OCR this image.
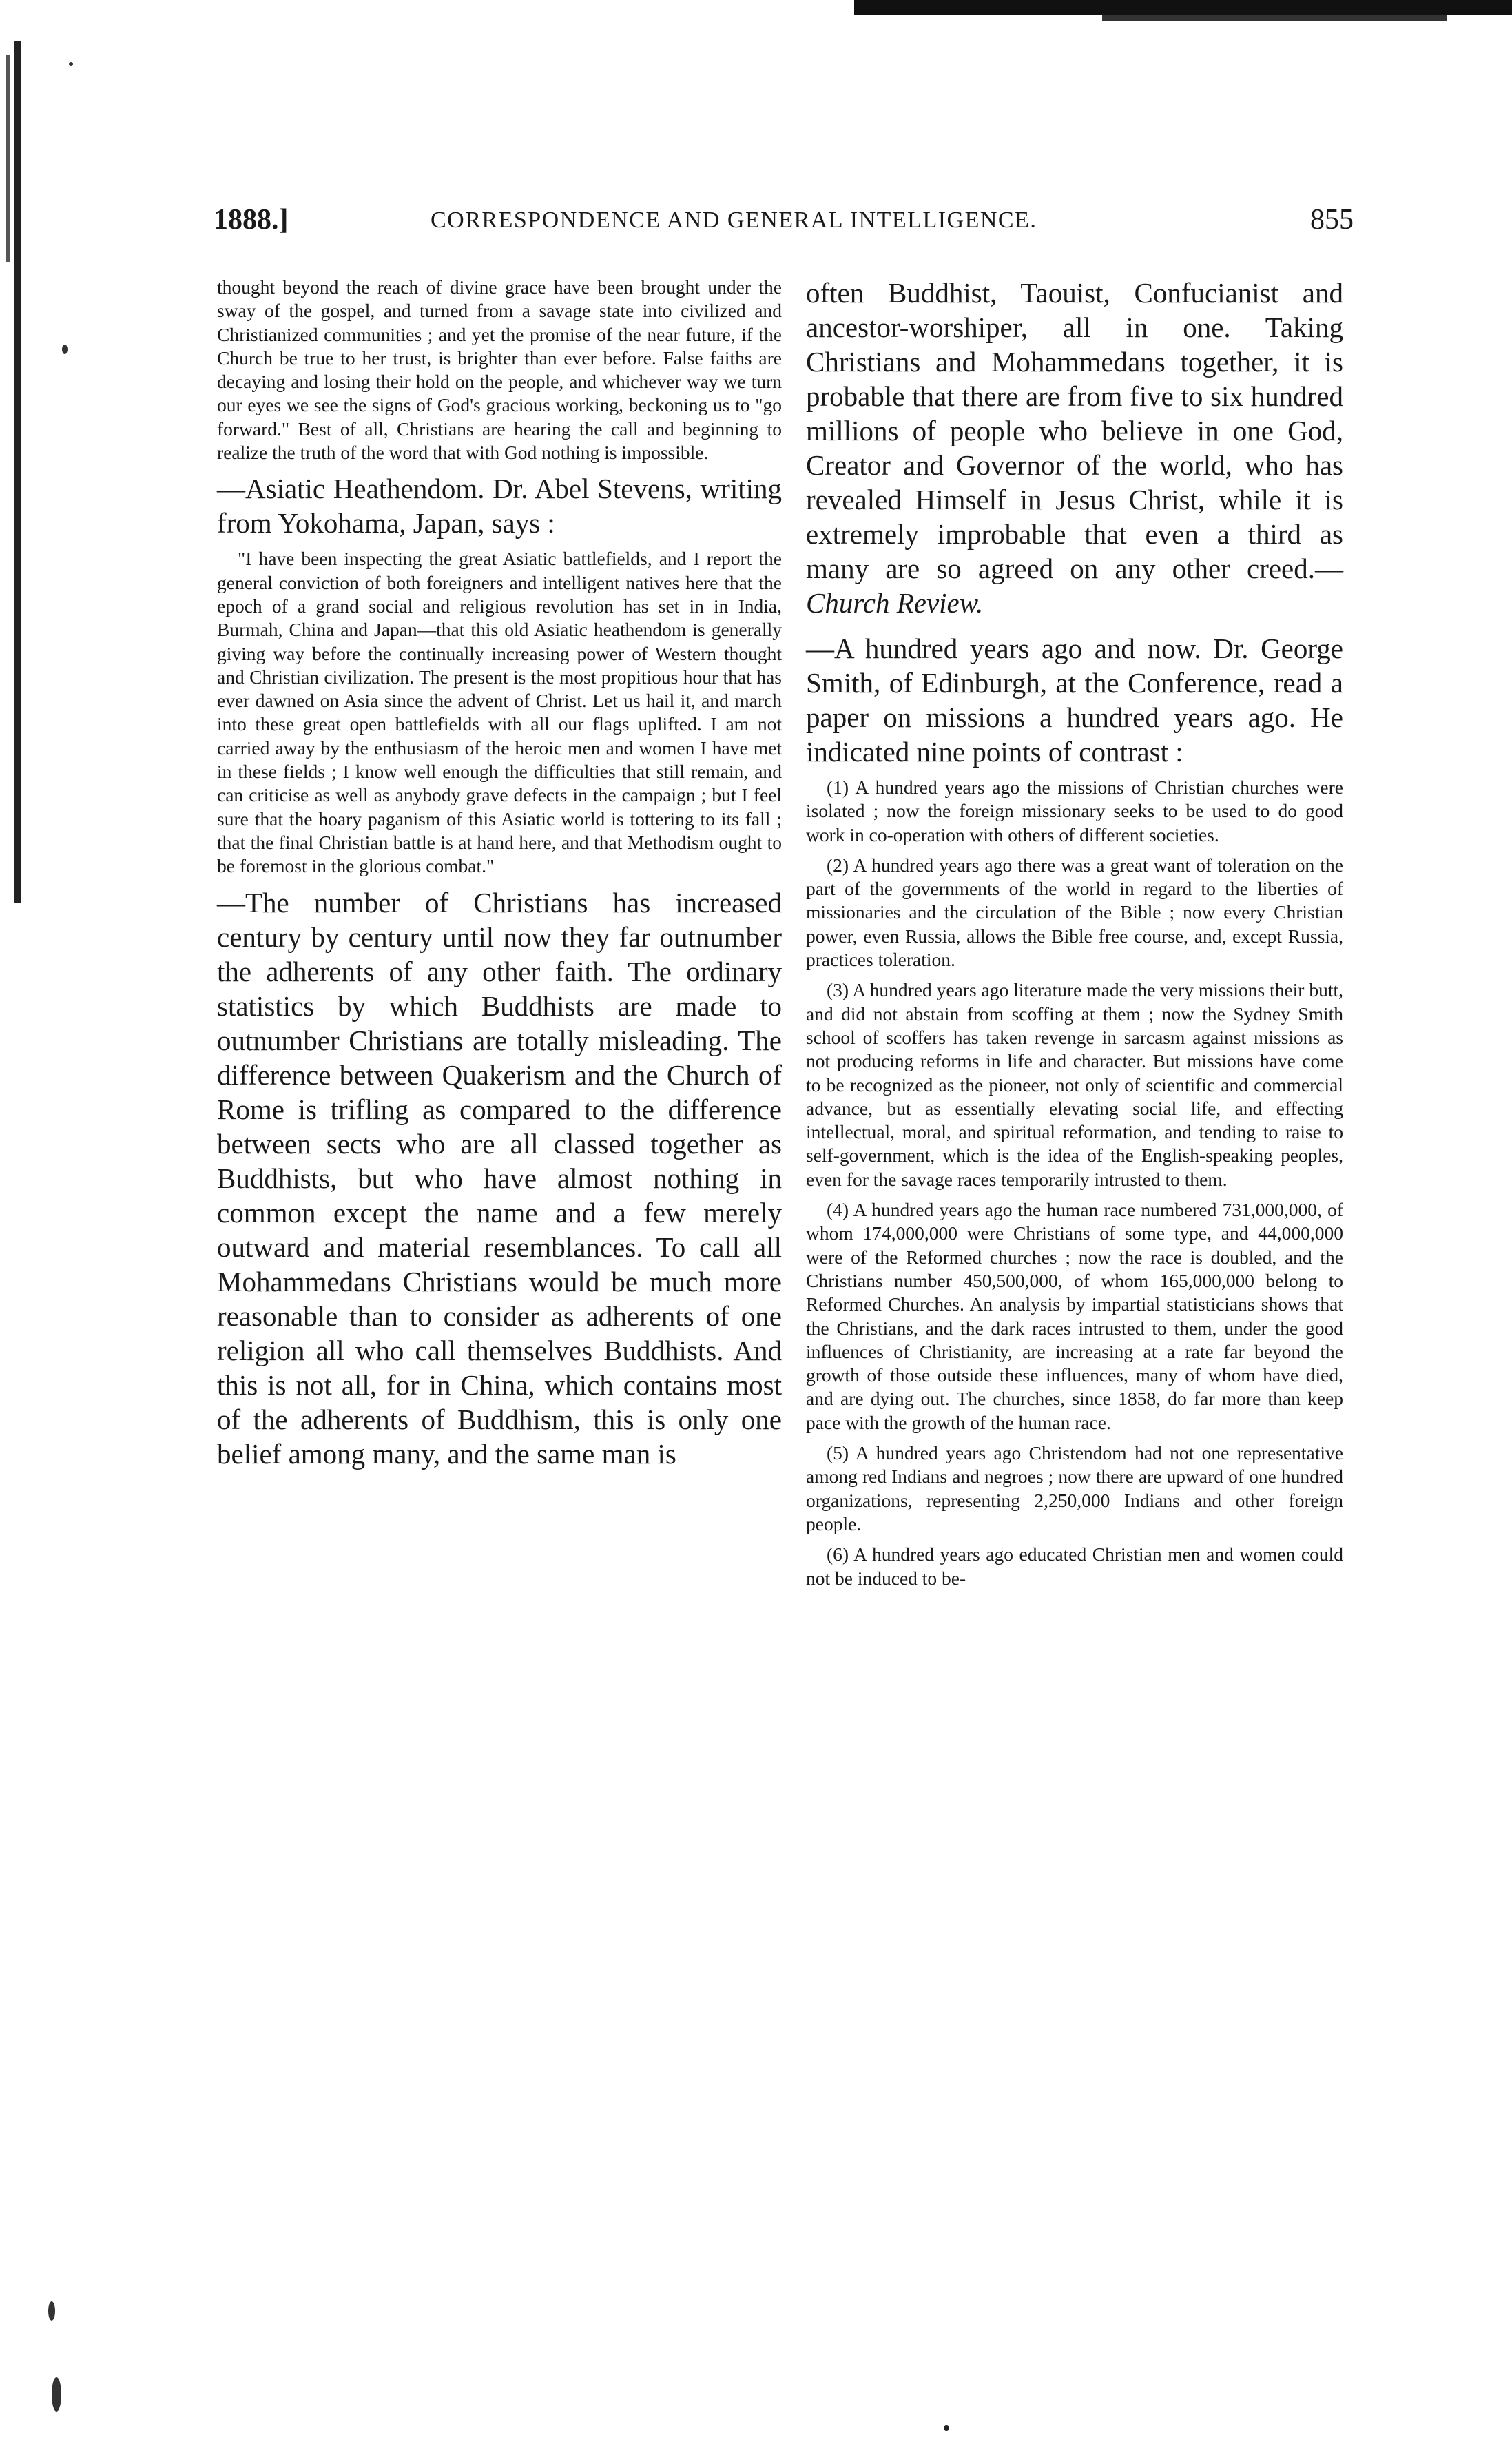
1888.]	CORRESPONDENCE AND GENERAL INTELLIGENCE.	855

thought beyond the reach of divine grace have been brought under the sway of the gospel, and turned from a savage state into civilized and Christianized communities ; and yet the promise of the near future, if the Church be true to her trust, is brighter than ever before. False faiths are decaying and losing their hold on the people, and whichever way we turn our eyes we see the signs of God's gracious working, beckoning us to "go forward." Best of all, Christians are hearing the call and beginning to realize the truth of the word that with God nothing is impossible.

—Asiatic Heathendom. Dr. Abel Stevens, writing from Yokohama, Japan, says :

"I have been inspecting the great Asiatic battlefields, and I report the general conviction of both foreigners and intelligent natives here that the epoch of a grand social and religious revolution has set in in India, Burmah, China and Japan—that this old Asiatic heathendom is generally giving way before the continually increasing power of Western thought and Christian civilization. The present is the most propitious hour that has ever dawned on Asia since the advent of Christ. Let us hail it, and march into these great open battlefields with all our flags uplifted. I am not carried away by the enthusiasm of the heroic men and women I have met in these fields ; I know well enough the difficulties that still remain, and can criticise as well as anybody grave defects in the campaign ; but I feel sure that the hoary paganism of this Asiatic world is tottering to its fall ; that the final Christian battle is at hand here, and that Methodism ought to be foremost in the glorious combat."

—The number of Christians has increased century by century until now they far outnumber the adherents of any other faith. The ordinary statistics by which Buddhists are made to outnumber Christians are totally misleading. The difference between Quakerism and the Church of Rome is trifling as compared to the difference between sects who are all classed together as Buddhists, but who have almost nothing in common except the name and a few merely outward and material resemblances. To call all Mohammedans Christians would be much more reasonable than to consider as adherents of one religion all who call themselves Buddhists. And this is not all, for in China, which contains most of the adherents of Buddhism, this is only one belief among many, and the same man is

often Buddhist, Taouist, Confucianist and ancestor-worshiper, all in one. Taking Christians and Mohammedans together, it is probable that there are from five to six hundred millions of people who believe in one God, Creator and Governor of the world, who has revealed Himself in Jesus Christ, while it is extremely improbable that even a third as many are so agreed on any other creed.—Church Review.

—A hundred years ago and now. Dr. George Smith, of Edinburgh, at the Conference, read a paper on missions a hundred years ago. He indicated nine points of contrast :

(1) A hundred years ago the missions of Christian churches were isolated ; now the foreign missionary seeks to be used to do good work in co-operation with others of different societies.

(2) A hundred years ago there was a great want of toleration on the part of the governments of the world in regard to the liberties of missionaries and the circulation of the Bible ; now every Christian power, even Russia, allows the Bible free course, and, except Russia, practices toleration.

(3) A hundred years ago literature made the very missions their butt, and did not abstain from scoffing at them ; now the Sydney Smith school of scoffers has taken revenge in sarcasm against missions as not producing reforms in life and character. But missions have come to be recognized as the pioneer, not only of scientific and commercial advance, but as essentially elevating social life, and effecting intellectual, moral, and spiritual reformation, and tending to raise to self-government, which is the idea of the English-speaking peoples, even for the savage races temporarily intrusted to them.

(4) A hundred years ago the human race numbered 731,000,000, of whom 174,000,000 were Christians of some type, and 44,000,000 were of the Reformed churches ; now the race is doubled, and the Christians number 450,500,000, of whom 165,000,000 belong to Reformed Churches. An analysis by impartial statisticians shows that the Christians, and the dark races intrusted to them, under the good influences of Christianity, are increasing at a rate far beyond the growth of those outside these influences, many of whom have died, and are dying out. The churches, since 1858, do far more than keep pace with the growth of the human race.

(5) A hundred years ago Christendom had not one representative among red Indians and negroes ; now there are upward of one hundred organizations, representing 2,250,000 Indians and other foreign people.

(6) A hundred years ago educated Christian men and women could not be induced to be-
